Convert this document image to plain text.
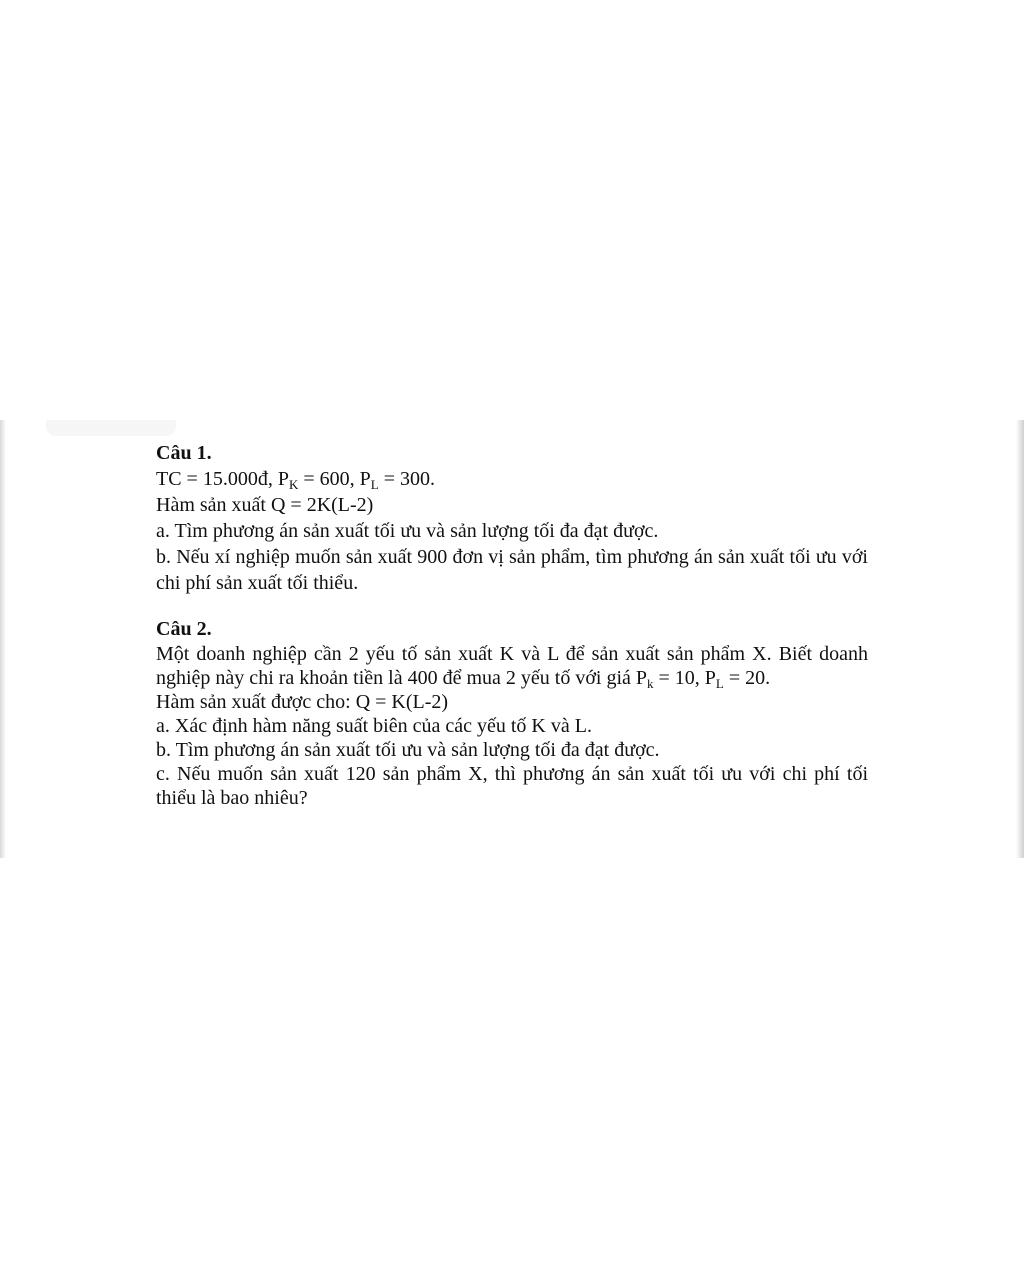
Câu 1.

TC = 15.000đ, $P_K = 600$, $P_L = 300$.

Hàm sản xuất Q = 2K(L-2)

a. Tìm phương án sản xuất tối ưu và sản lượng tối đa đạt được.

b. Nếu xí nghiệp muốn sản xuất 900 đơn vị sản phẩm, tìm phương án sản xuất tối ưu với chi phí sản xuất tối thiểu.

Câu 2.

Một doanh nghiệp cần 2 yếu tố sản xuất K và L để sản xuất sản phẩm X. Biết doanh nghiệp này chi ra khoản tiền là 400 để mua 2 yếu tố với giá $P_k = 10$, $P_L = 20$.

Hàm sản xuất được cho: Q = K(L-2)

a. Xác định hàm năng suất biên của các yếu tố K và L.

b. Tìm phương án sản xuất tối ưu và sản lượng tối đa đạt được.

c. Nếu muốn sản xuất 120 sản phẩm X, thì phương án sản xuất tối ưu với chi phí tối thiểu là bao nhiêu?
